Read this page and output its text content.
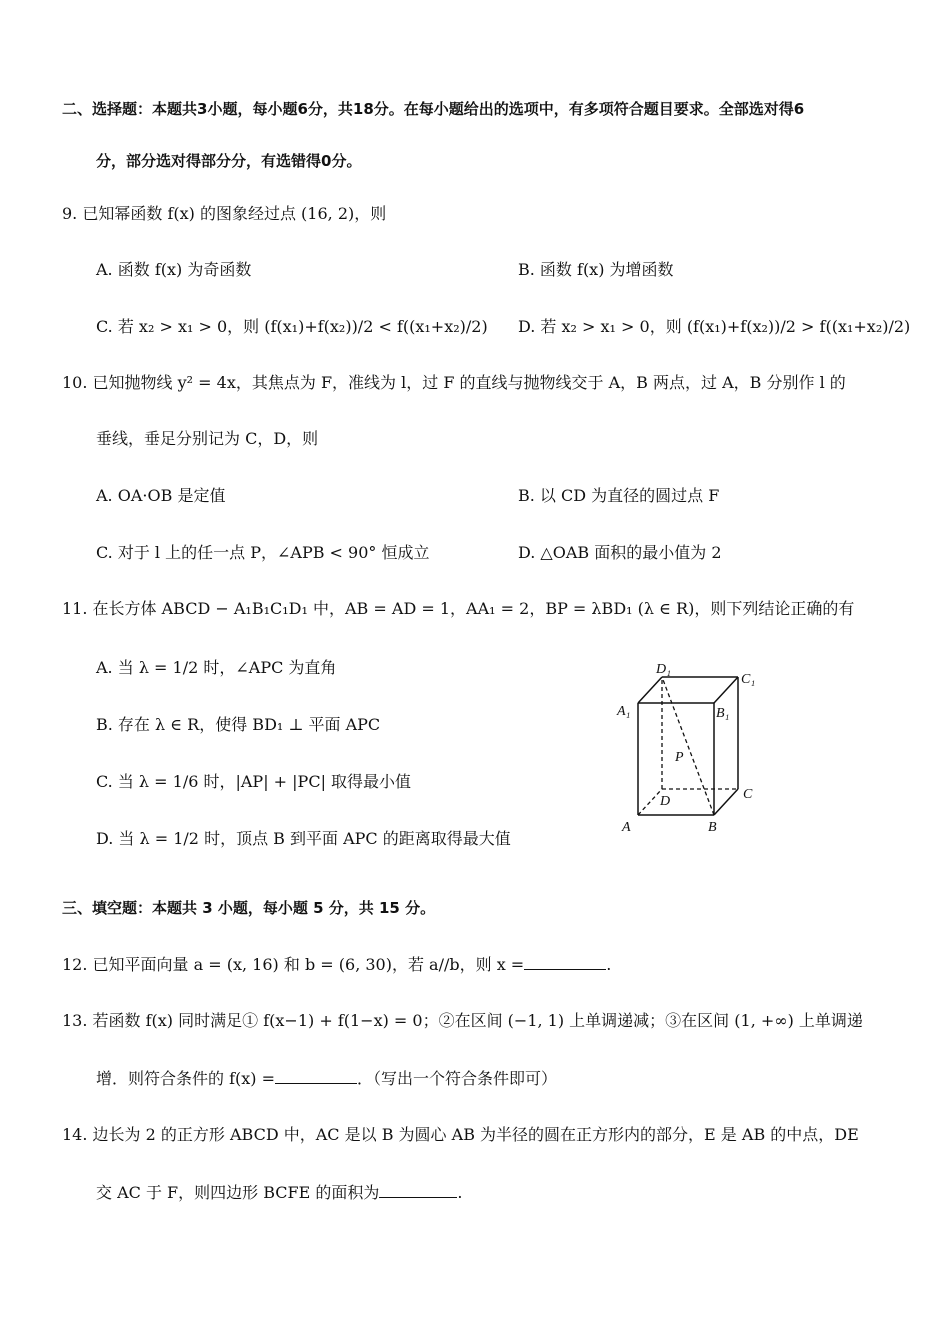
二、选择题：本题共3小题，每小题6分，共18分。在每小题给出的选项中，有多项符合题目要求。全部选对得6
分，部分选对得部分分，有选错得0分。
9. 已知幂函数 f(x) 的图象经过点 (16, 2)，则
A. 函数 f(x) 为奇函数	B. 函数 f(x) 为增函数
C. 若 x₂ > x₁ > 0，则 (f(x₁)+f(x₂))/2 < f((x₁+x₂)/2) D. 若 x₂ > x₁ > 0，则 (f(x₁)+f(x₂))/2 > f((x₁+x₂)/2)
10. 已知抛物线 y² = 4x，其焦点为 F，准线为 l，过 F 的直线与抛物线交于 A，B 两点，过 A，B 分别作 l 的
垂线，垂足分别记为 C，D，则
A. OA·OB 是定值	B. 以 CD 为直径的圆过点 F
C. 对于 l 上的任一点 P，∠APB < 90° 恒成立	D. △OAB 面积的最小值为 2
11. 在长方体 ABCD − A₁B₁C₁D₁ 中，AB = AD = 1，AA₁ = 2，BP = λBD₁ (λ ∈ R)，则下列结论正确的有
A. 当 λ = 1/2 时，∠APC 为直角
B. 存在 λ ∈ R，使得 BD₁ ⊥ 平面 APC
C. 当 λ = 1/6 时，|AP| + |PC| 取得最小值
D. 当 λ = 1/2 时，顶点 B 到平面 APC 的距离取得最大值
D₁
C₁
A₁	B₁
P
D	C
A	B
三、填空题：本题共 3 小题，每小题 5 分，共 15 分。
12. 已知平面向量 a = (x, 16) 和 b = (6, 30)，若 a//b，则 x =	.
13. 若函数 f(x) 同时满足① f(x−1) + f(1−x) = 0；②在区间 (−1, 1) 上单调递减；③在区间 (1, +∞) 上单调递
增．则符合条件的 f(x) =	．（写出一个符合条件即可）
14. 边长为 2 的正方形 ABCD 中，AC 是以 B 为圆心 AB 为半径的圆在正方形内的部分，E 是 AB 的中点，DE
交 AC 于 F，则四边形 BCFE 的面积为	.
